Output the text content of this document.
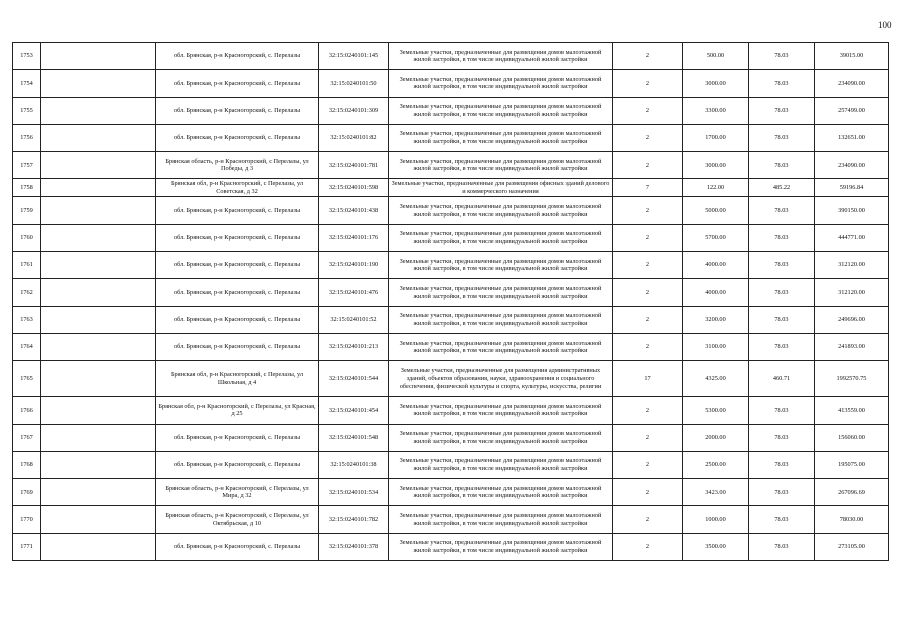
100
1753		обл. Брянская, р-н Красногорский, с. Перелазы	32:15:0240101:145	Земельные участки, предназначенные для размещения домов малоэтажной жилой застройки, в том числе индивидуальной жилой застройки	2	500.00	78.03	39015.00
1754		обл. Брянская, р-н Красногорский, с. Перелазы	32:15:0240101:50	Земельные участки, предназначенные для размещения домов малоэтажной жилой застройки, в том числе индивидуальной жилой застройки	2	3000.00	78.03	234090.00
1755		обл. Брянская, р-н Красногорский, с. Перелазы	32:15:0240101:309	Земельные участки, предназначенные для размещения домов малоэтажной жилой застройки, в том числе индивидуальной жилой застройки	2	3300.00	78.03	257499.00
1756		обл. Брянская, р-н Красногорский, с. Перелазы	32:15:0240101:82	Земельные участки, предназначенные для размещения домов малоэтажной жилой застройки, в том числе индивидуальной жилой застройки	2	1700.00	78.03	132651.00
1757		Брянская область, р-н Красногорский, с Перелазы, ул Победы, д 3	32:15:0240101:781	Земельные участки, предназначенные для размещения домов малоэтажной жилой застройки, в том числе индивидуальной жилой застройки	2	3000.00	78.03	234090.00
1758		Брянская обл, р-н Красногорский, с Перелазы, ул Советская, д 32	32:15:0240101:598	Земельные участки, предназначенные для размещения офисных зданий делового и коммерческого назначения	7	122.00	485.22	59196.84
1759		обл. Брянская, р-н Красногорский, с. Перелазы	32:15:0240101:438	Земельные участки, предназначенные для размещения домов малоэтажной жилой застройки, в том числе индивидуальной жилой застройки	2	5000.00	78.03	390150.00
1760		обл. Брянская, р-н Красногорский, с. Перелазы	32:15:0240101:176	Земельные участки, предназначенные для размещения домов малоэтажной жилой застройки, в том числе индивидуальной жилой застройки	2	5700.00	78.03	444771.00
1761		обл. Брянская, р-н Красногорский, с. Перелазы	32:15:0240101:190	Земельные участки, предназначенные для размещения домов малоэтажной жилой застройки, в том числе индивидуальной жилой застройки	2	4000.00	78.03	312120.00
1762		обл. Брянская, р-н Красногорский, с. Перелазы	32:15:0240101:476	Земельные участки, предназначенные для размещения домов малоэтажной жилой застройки, в том числе индивидуальной жилой застройки	2	4000.00	78.03	312120.00
1763		обл. Брянская, р-н Красногорский, с. Перелазы	32:15:0240101:52	Земельные участки, предназначенные для размещения домов малоэтажной жилой застройки, в том числе индивидуальной жилой застройки	2	3200.00	78.03	249696.00
1764		обл. Брянская, р-н Красногорский, с. Перелазы	32:15:0240101:213	Земельные участки, предназначенные для размещения домов малоэтажной жилой застройки, в том числе индивидуальной жилой застройки	2	3100.00	78.03	241893.00
1765		Брянская обл, р-н Красногорский, с Перелазы, ул Школьная, д 4	32:15:0240101:544	Земельные участки, предназначенные для размещения административных зданий, объектов образования, науки, здравоохранения и социального обеспечения, физической культуры и спорта, культуры, искусства, религии	17	4325.00	460.71	1992570.75
1766		Брянская обл, р-н Красногорский, с Перелазы, ул Красная, д 25	32:15:0240101:454	Земельные участки, предназначенные для размещения домов малоэтажной жилой застройки, в том числе индивидуальной жилой застройки	2	5300.00	78.03	413559.00
1767		обл. Брянская, р-н Красногорский, с. Перелазы	32:15:0240101:548	Земельные участки, предназначенные для размещения домов малоэтажной жилой застройки, в том числе индивидуальной жилой застройки	2	2000.00	78.03	156060.00
1768		обл. Брянская, р-н Красногорский, с. Перелазы	32:15:0240101:38	Земельные участки, предназначенные для размещения домов малоэтажной жилой застройки, в том числе индивидуальной жилой застройки	2	2500.00	78.03	195075.00
1769		Брянская область, р-н Красногорский, с Перелазы, ул Мира, д 32	32:15:0240101:534	Земельные участки, предназначенные для размещения домов малоэтажной жилой застройки, в том числе индивидуальной жилой застройки	2	3423.00	78.03	267096.69
1770		Брянская область, р-н Красногорский, с Перелазы, ул Октябрьская, д 10	32:15:0240101:782	Земельные участки, предназначенные для размещения домов малоэтажной жилой застройки, в том числе индивидуальной жилой застройки	2	1000.00	78.03	78030.00
1771		обл. Брянская, р-н Красногорский, с. Перелазы	32:15:0240101:378	Земельные участки, предназначенные для размещения домов малоэтажной жилой застройки, в том числе индивидуальной жилой застройки	2	3500.00	78.03	273105.00
